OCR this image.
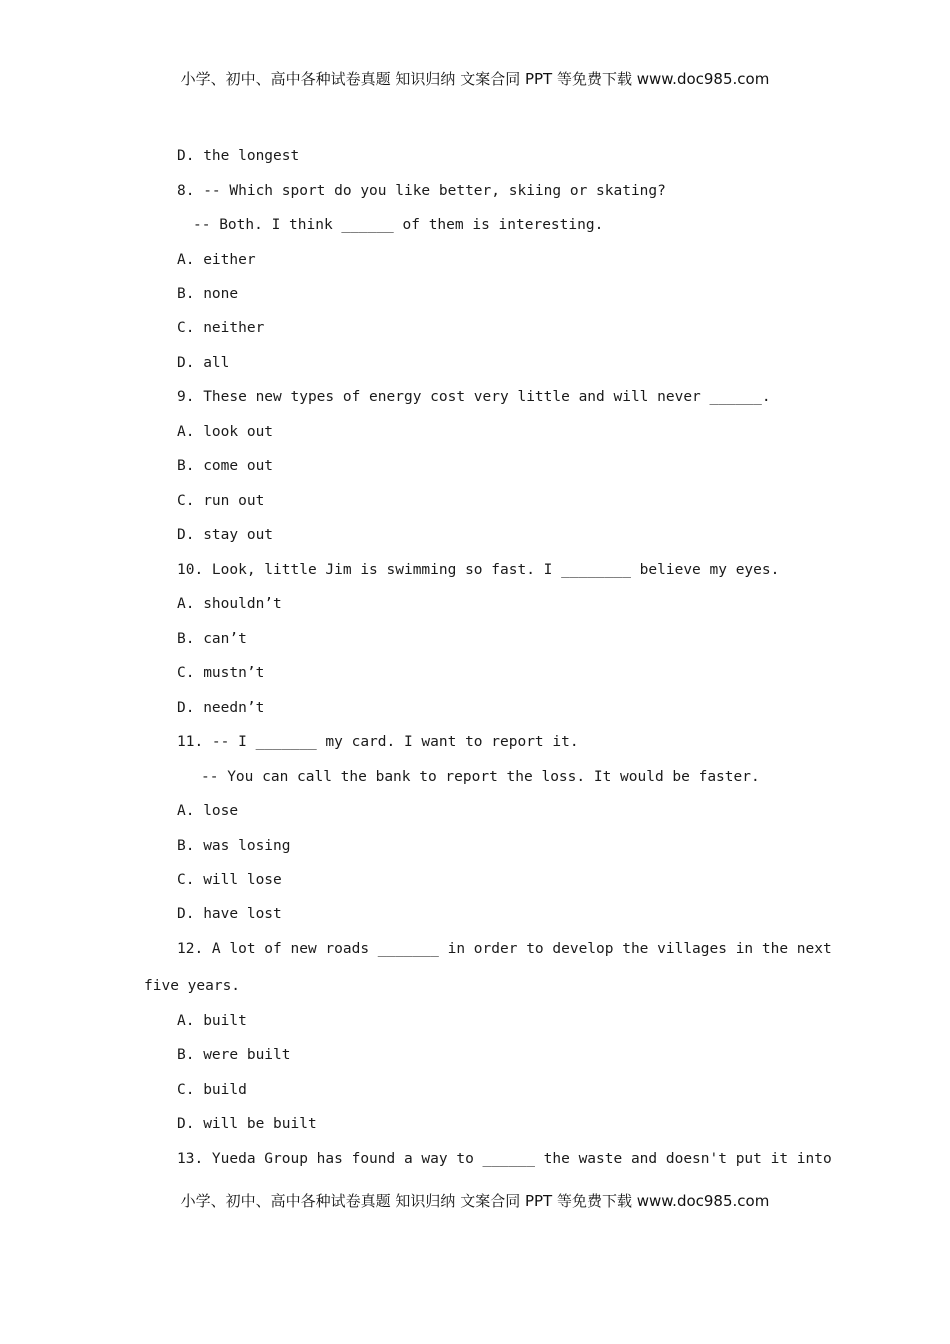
小学、初中、高中各种试卷真题 知识归纳 文案合同 PPT 等免费下载 www.doc985.com
D. the longest
8. -- Which sport do you like better, skiing or skating?
-- Both. I think ______ of them is interesting.
A. either
B. none
C. neither
D. all
9. These new types of energy cost very little and will never ______.
A. look out
B. come out
C. run out
D. stay out
10. Look, little Jim is swimming so fast. I ________ believe my eyes.
A. shouldn’t
B. can’t
C. mustn’t
D. needn’t
11. -- I _______ my card. I want to report it.
-- You can call the bank to report the loss. It would be faster.
A. lose
B. was losing
C. will lose
D. have lost
12. A lot of new roads _______ in order to develop the villages in the next
five years.
A. built
B. were built
C. build
D. will be built
13. Yueda Group has found a way to ______ the waste and doesn't put it into
小学、初中、高中各种试卷真题 知识归纳 文案合同 PPT 等免费下载 www.doc985.com
